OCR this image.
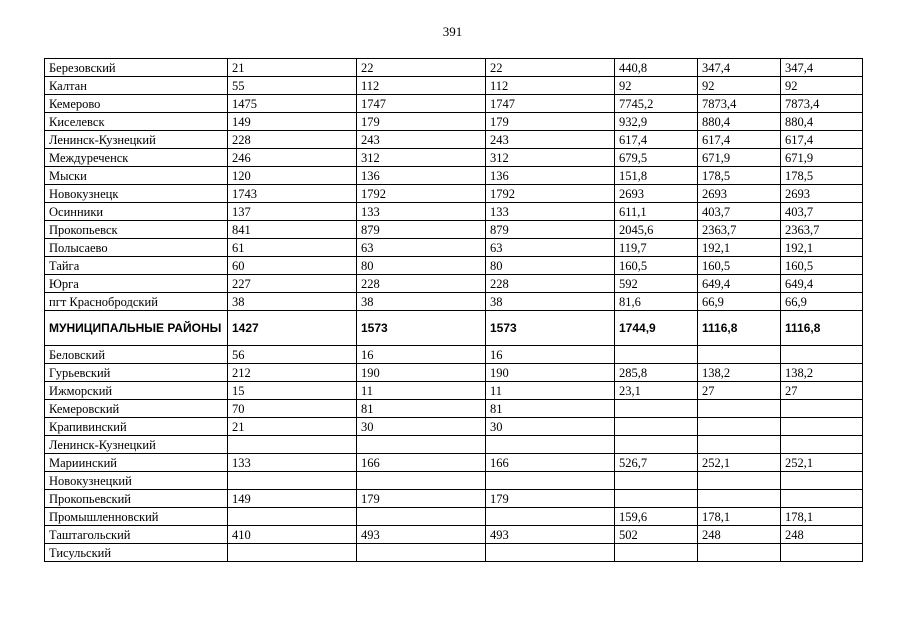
391
Березовский	21	22	22	440,8	347,4	347,4
Калтан	55	112	112	92	92	92
Кемерово	1475	1747	1747	7745,2	7873,4	7873,4
Киселевск	149	179	179	932,9	880,4	880,4
Ленинск-Кузнецкий	228	243	243	617,4	617,4	617,4
Междуреченск	246	312	312	679,5	671,9	671,9
Мыски	120	136	136	151,8	178,5	178,5
Новокузнецк	1743	1792	1792	2693	2693	2693
Осинники	137	133	133	611,1	403,7	403,7
Прокопьевск	841	879	879	2045,6	2363,7	2363,7
Полысаево	61	63	63	119,7	192,1	192,1
Тайга	60	80	80	160,5	160,5	160,5
Юрга	227	228	228	592	649,4	649,4
пгт Краснобродский	38	38	38	81,6	66,9	66,9
МУНИЦИПАЛЬНЫЕ РАЙОНЫ	1427	1573	1573	1744,9	1116,8	1116,8
Беловский	56	16	16			
Гурьевский	212	190	190	285,8	138,2	138,2
Ижморский	15	11	11	23,1	27	27
Кемеровский	70	81	81			
Крапивинский	21	30	30			
Ленинск-Кузнецкий						
Мариинский	133	166	166	526,7	252,1	252,1
Новокузнецкий						
Прокопьевский	149	179	179			
Промышленновский				159,6	178,1	178,1
Таштагольский	410	493	493	502	248	248
Тисульский						
